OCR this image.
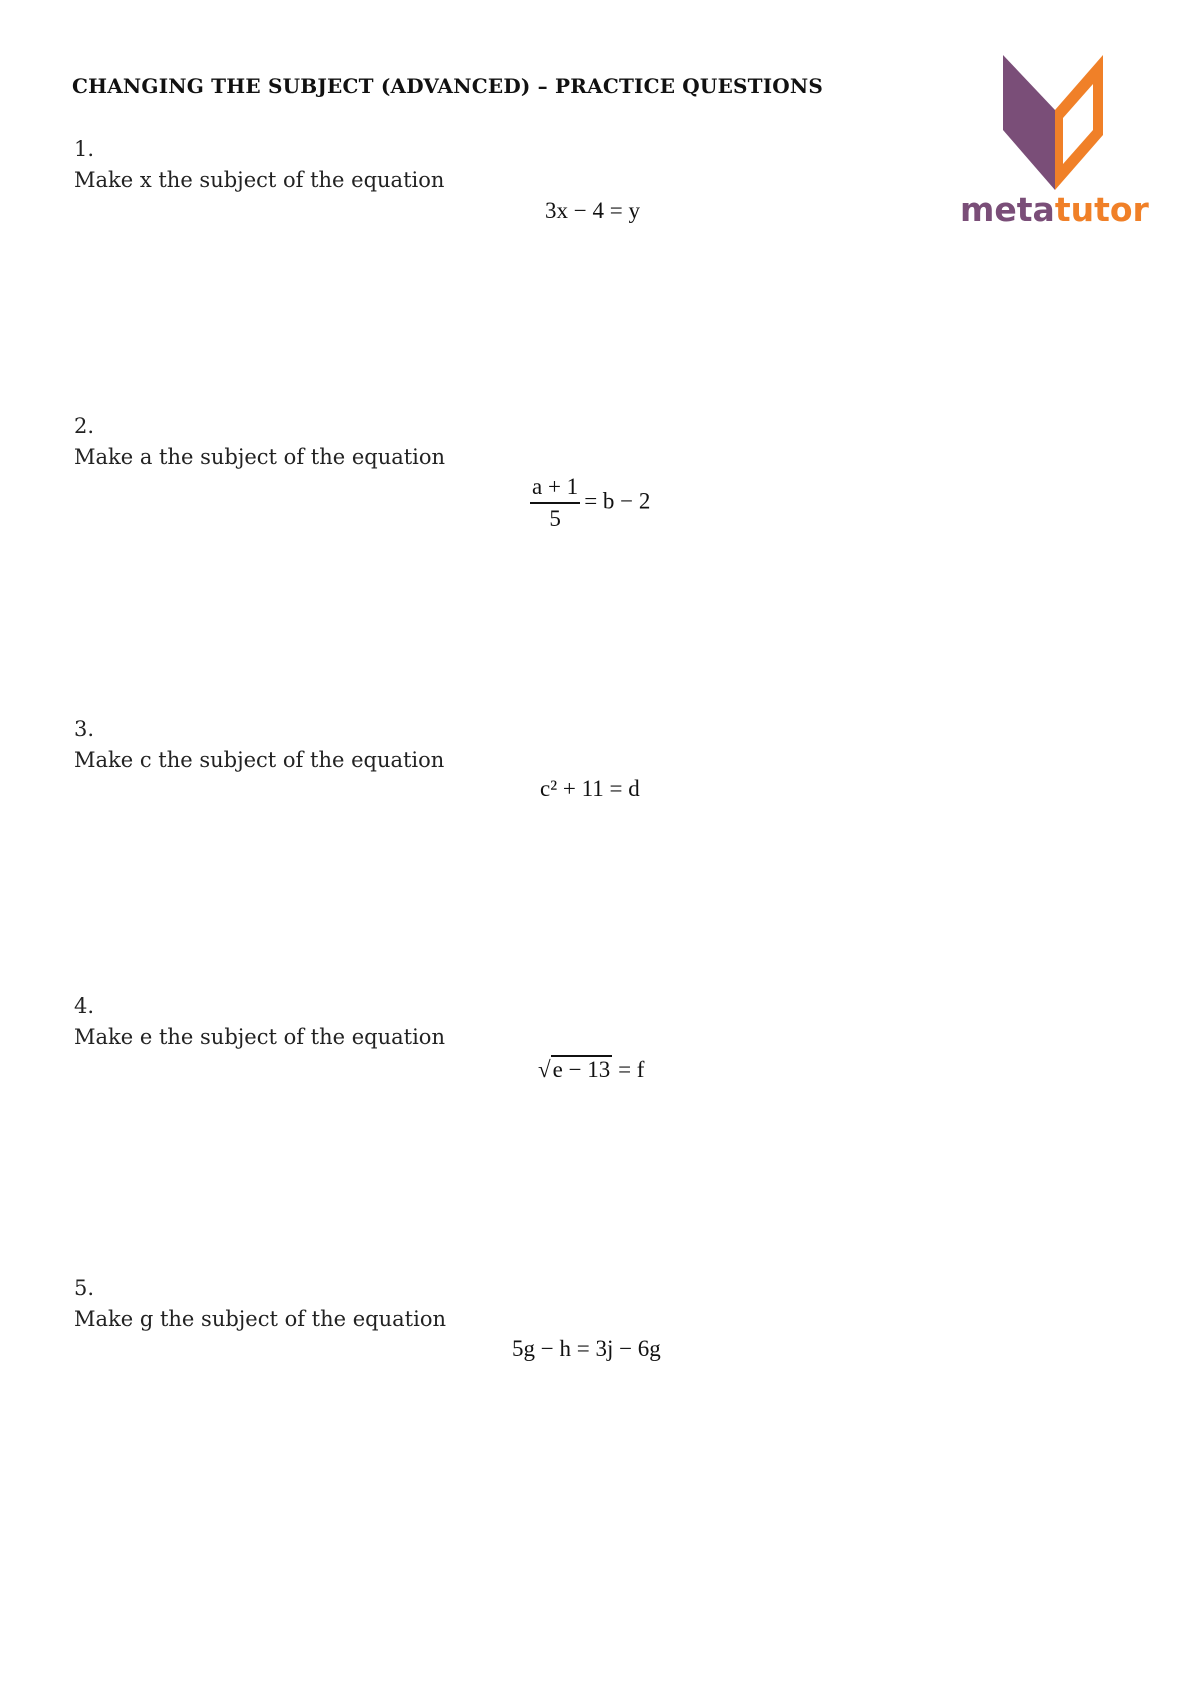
CHANGING THE SUBJECT (ADVANCED) – PRACTICE QUESTIONS
metatutor
1.
Make x the subject of the equation
3x − 4 = y
2.
Make a the subject of the equation
$\frac{a + 1}{5} = b - 2$
3.
Make c the subject of the equation
c² + 11 = d
4.
Make e the subject of the equation
√e − 13 = f
5.
Make g the subject of the equation
5g − h = 3j − 6g
